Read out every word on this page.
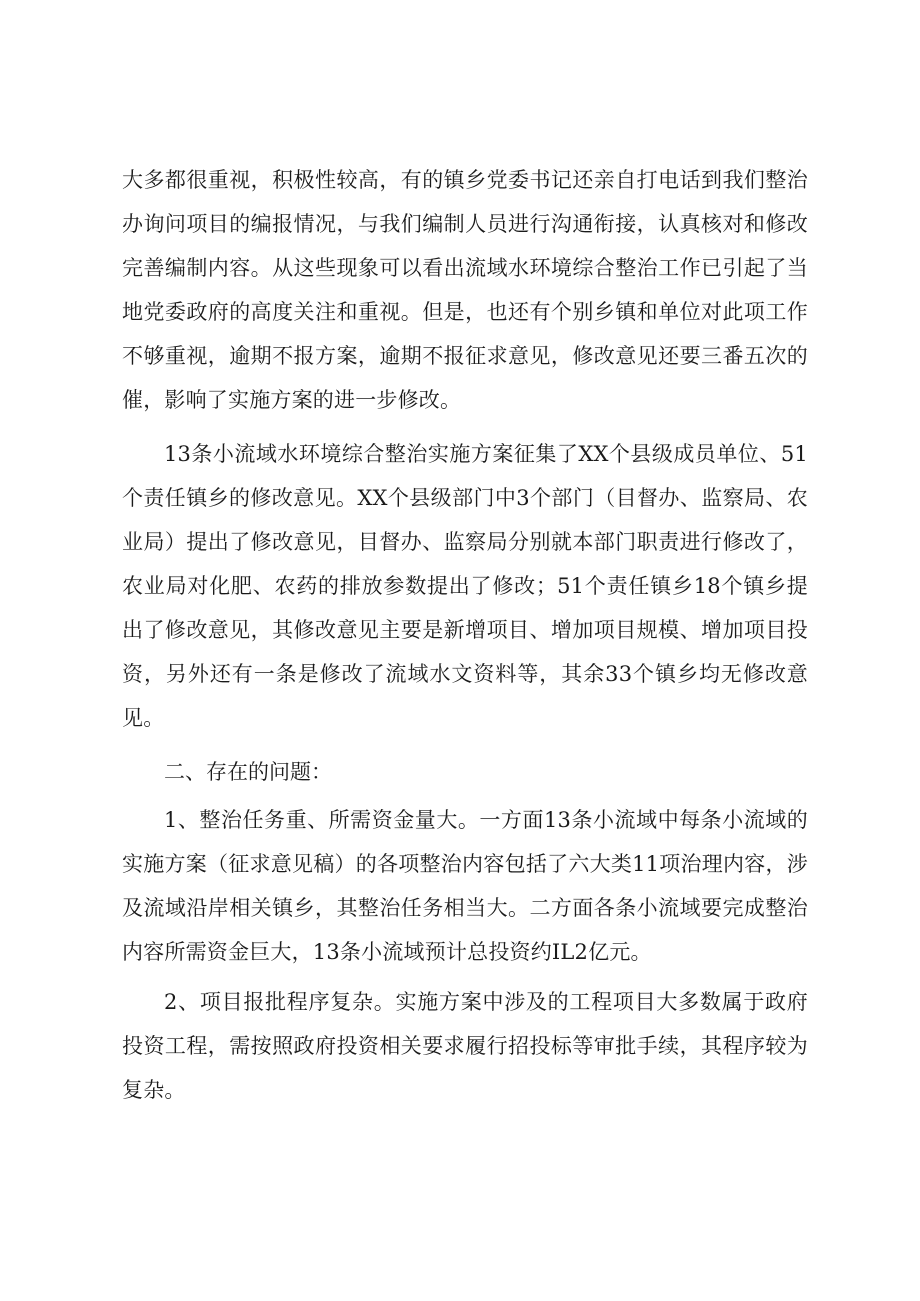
大多都很重视，积极性较高，有的镇乡党委书记还亲自打电话到我们整治办询问项目的编报情况，与我们编制人员进行沟通衔接，认真核对和修改完善编制内容。从这些现象可以看出流域水环境综合整治工作已引起了当地党委政府的高度关注和重视。但是，也还有个别乡镇和单位对此项工作不够重视，逾期不报方案，逾期不报征求意见，修改意见还要三番五次的催，影响了实施方案的进一步修改。

13条小流域水环境综合整治实施方案征集了XX个县级成员单位、51个责任镇乡的修改意见。XX个县级部门中3个部门（目督办、监察局、农业局）提出了修改意见，目督办、监察局分别就本部门职责进行修改了，农业局对化肥、农药的排放参数提出了修改；51个责任镇乡18个镇乡提出了修改意见，其修改意见主要是新增项目、增加项目规模、增加项目投资，另外还有一条是修改了流域水文资料等，其余33个镇乡均无修改意见。

二、存在的问题：

1、整治任务重、所需资金量大。一方面13条小流域中每条小流域的实施方案（征求意见稿）的各项整治内容包括了六大类11项治理内容，涉及流域沿岸相关镇乡，其整治任务相当大。二方面各条小流域要完成整治内容所需资金巨大，13条小流域预计总投资约IL2亿元。

2、项目报批程序复杂。实施方案中涉及的工程项目大多数属于政府投资工程，需按照政府投资相关要求履行招投标等审批手续，其程序较为复杂。
